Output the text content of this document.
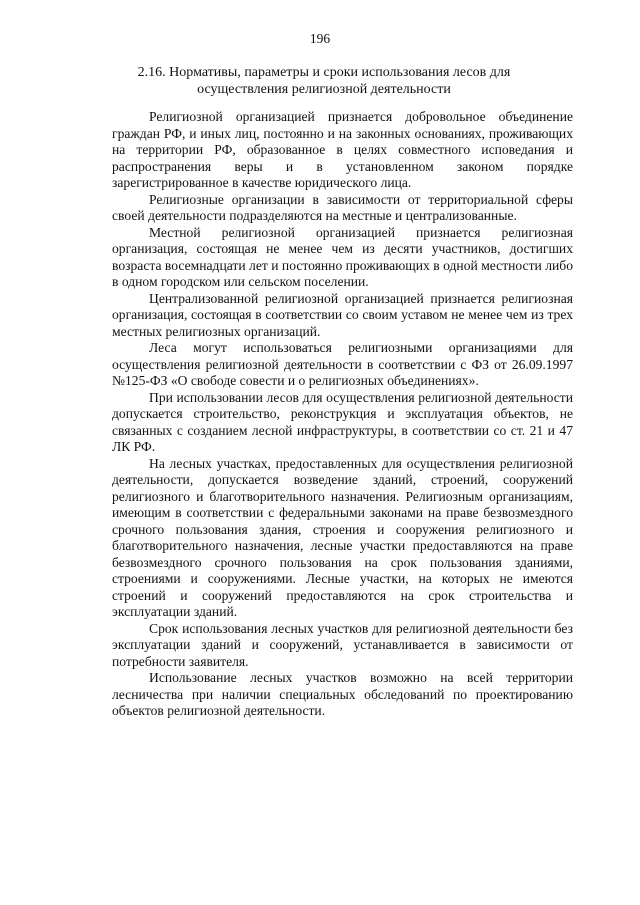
196
2.16. Нормативы, параметры и сроки использования лесов для осуществления религиозной деятельности

Религиозной организацией признается добровольное объединение граждан РФ, и иных лиц, постоянно и на законных основаниях, проживающих на территории РФ, образованное в целях совместного исповедания и распространения веры и в установленном законом порядке зарегистрированное в качестве юридического лица.

Религиозные организации в зависимости от территориальной сферы своей деятельности подразделяются на местные и централизованные.

Местной религиозной организацией признается религиозная организация, состоящая не менее чем из десяти участников, достигших возраста восемнадцати лет и постоянно проживающих в одной местности либо в одном городском или сельском поселении.

Централизованной религиозной организацией признается религиозная организация, состоящая в соответствии со своим уставом не менее чем из трех местных религиозных организаций.

Леса могут использоваться религиозными организациями для осуществления религиозной деятельности в соответствии с ФЗ от 26.09.1997 №125-ФЗ «О свободе совести и о религиозных объединениях».

При использовании лесов для осуществления религиозной деятельности допускается строительство, реконструкция и эксплуатация объектов, не связанных с созданием лесной инфраструктуры, в соответствии со ст. 21 и 47 ЛК РФ.

На лесных участках, предоставленных для осуществления религиозной деятельности, допускается возведение зданий, строений, сооружений религиозного и благотворительного назначения. Религиозным организациям, имеющим в соответствии с федеральными законами на праве безвозмездного срочного пользования здания, строения и сооружения религиозного и благотворительного назначения, лесные участки предоставляются на праве безвозмездного срочного пользования на срок пользования зданиями, строениями и сооружениями. Лесные участки, на которых не имеются строений и сооружений предоставляются на срок строительства и эксплуатации зданий.

Срок использования лесных участков для религиозной деятельности без эксплуатации зданий и сооружений, устанавливается в зависимости от потребности заявителя.

Использование лесных участков возможно на всей территории лесничества при наличии специальных обследований по проектированию объектов религиозной деятельности.
